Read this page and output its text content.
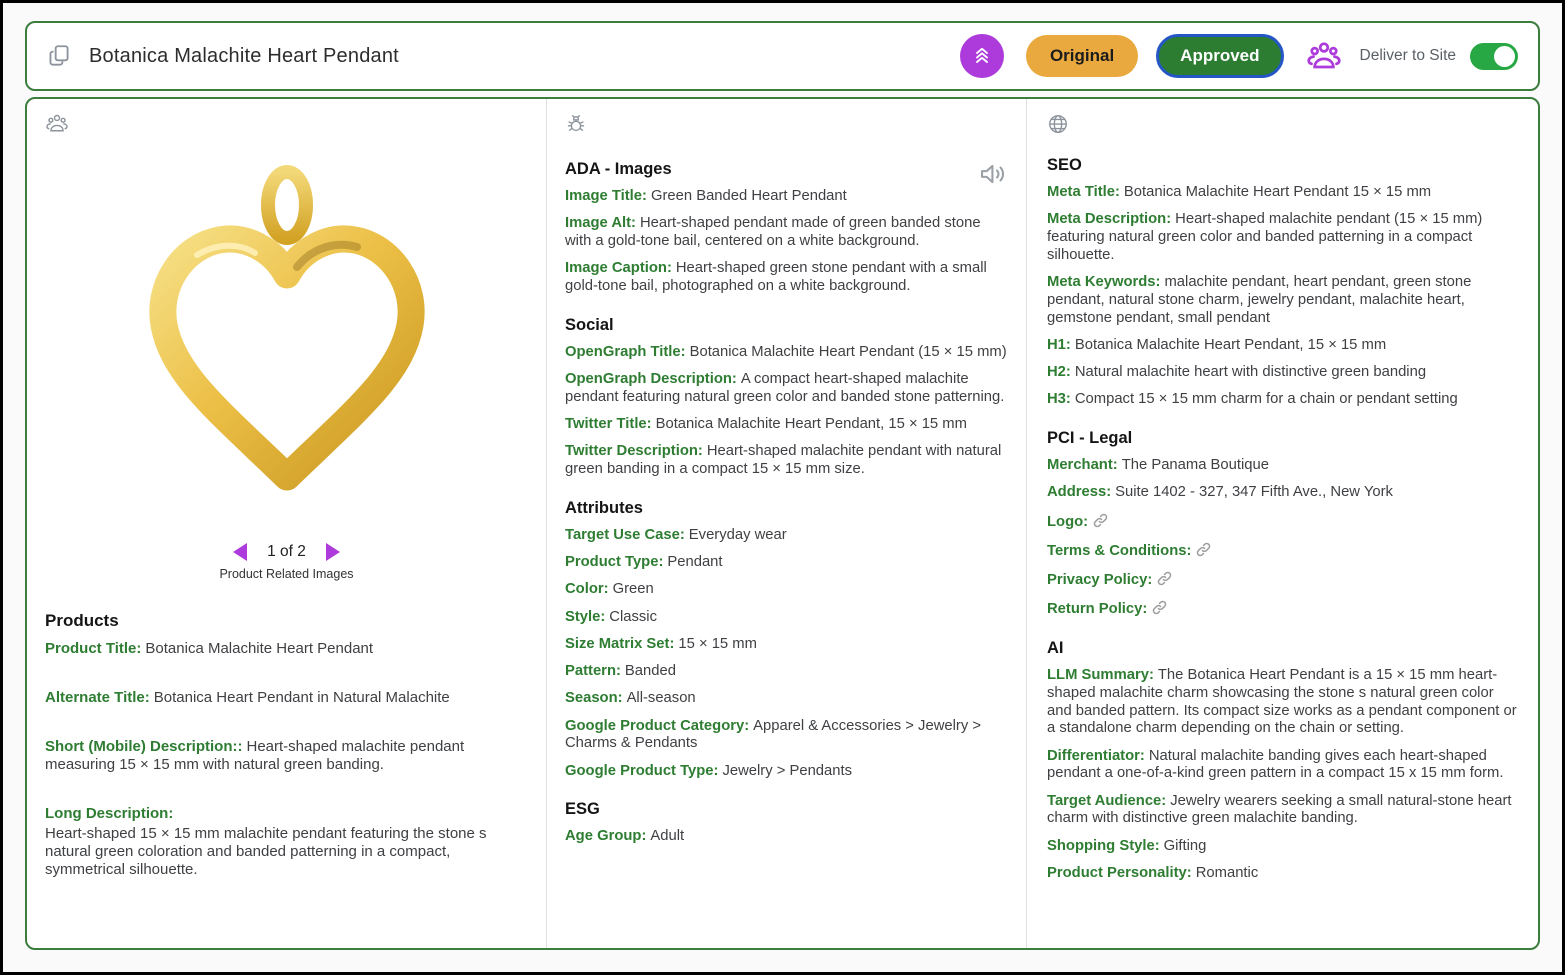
Botanica Malachite Heart Pendant	Original	Approved	Deliver to Site
1 of 2
Product Related Images
Products
Product Title: Botanica Malachite Heart Pendant
Alternate Title: Botanica Heart Pendant in Natural Malachite
Short (Mobile) Description:: Heart-shaped malachite pendant measuring 15 × 15 mm with natural green banding.
Long Description:
Heart-shaped 15 × 15 mm malachite pendant featuring the stone s natural green coloration and banded patterning in a compact, symmetrical silhouette.
ADA - Images
Image Title: Green Banded Heart Pendant
Image Alt: Heart-shaped pendant made of green banded stone with a gold-tone bail, centered on a white background.
Image Caption: Heart-shaped green stone pendant with a small gold-tone bail, photographed on a white background.
Social
OpenGraph Title: Botanica Malachite Heart Pendant (15 × 15 mm)
OpenGraph Description: A compact heart-shaped malachite pendant featuring natural green color and banded stone patterning.
Twitter Title: Botanica Malachite Heart Pendant, 15 × 15 mm
Twitter Description: Heart-shaped malachite pendant with natural green banding in a compact 15 × 15 mm size.
Attributes
Target Use Case: Everyday wear
Product Type: Pendant
Color: Green
Style: Classic
Size Matrix Set: 15 × 15 mm
Pattern: Banded
Season: All-season
Google Product Category: Apparel & Accessories > Jewelry > Charms & Pendants
Google Product Type: Jewelry > Pendants
ESG
Age Group: Adult
SEO
Meta Title: Botanica Malachite Heart Pendant 15 × 15 mm
Meta Description: Heart-shaped malachite pendant (15 × 15 mm) featuring natural green color and banded patterning in a compact silhouette.
Meta Keywords: malachite pendant, heart pendant, green stone pendant, natural stone charm, jewelry pendant, malachite heart, gemstone pendant, small pendant
H1: Botanica Malachite Heart Pendant, 15 × 15 mm
H2: Natural malachite heart with distinctive green banding
H3: Compact 15 × 15 mm charm for a chain or pendant setting
PCI - Legal
Merchant: The Panama Boutique
Address: Suite 1402 - 327, 347 Fifth Ave., New York
Logo:
Terms & Conditions:
Privacy Policy:
Return Policy:
AI
LLM Summary: The Botanica Heart Pendant is a 15 × 15 mm heart-shaped malachite charm showcasing the stone s natural green color and banded pattern. Its compact size works as a pendant component or a standalone charm depending on the chain or setting.
Differentiator: Natural malachite banding gives each heart-shaped pendant a one-of-a-kind green pattern in a compact 15 x 15 mm form.
Target Audience: Jewelry wearers seeking a small natural-stone heart charm with distinctive green malachite banding.
Shopping Style: Gifting
Product Personality: Romantic
